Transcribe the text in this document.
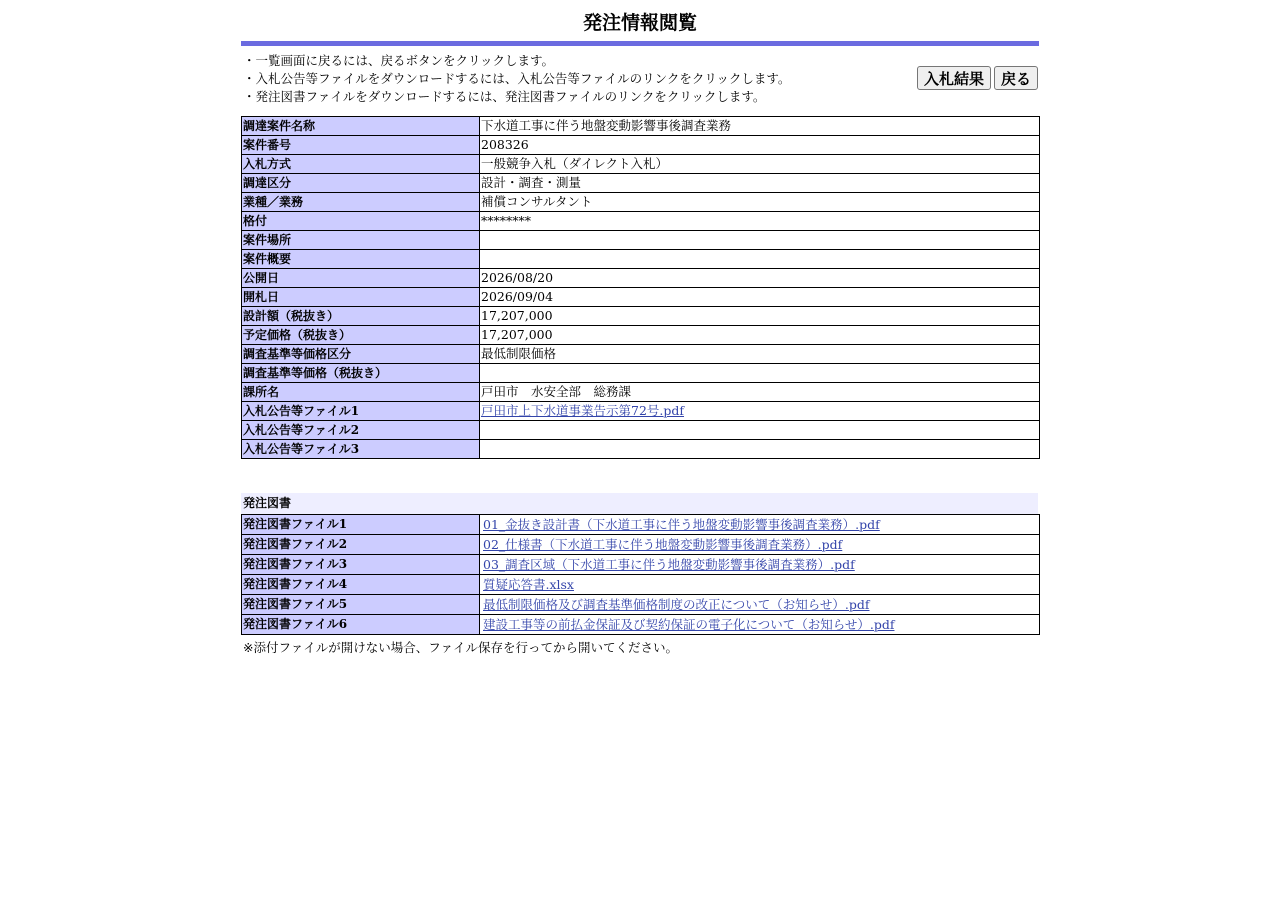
発注情報閲覧
・一覧画面に戻るには、戻るボタンをクリックします。
・入札公告等ファイルをダウンロードするには、入札公告等ファイルのリンクをクリックします。
・発注図書ファイルをダウンロードするには、発注図書ファイルのリンクをクリックします。
入札結果	戻る
調達案件名称	下水道工事に伴う地盤変動影響事後調査業務
案件番号	208326
入札方式	一般競争入札（ダイレクト入札）
調達区分	設計・調査・測量
業種／業務	補償コンサルタント
格付	********
案件場所	
案件概要	
公開日	2026/08/20
開札日	2026/09/04
設計額（税抜き）	17,207,000
予定価格（税抜き）	17,207,000
調査基準等価格区分	最低制限価格
調査基準等価格（税抜き）	
課所名	戸田市　水安全部　総務課
入札公告等ファイル1	戸田市上下水道事業告示第72号.pdf
入札公告等ファイル2	
入札公告等ファイル3	
発注図書
発注図書ファイル1	01_金抜き設計書（下水道工事に伴う地盤変動影響事後調査業務）.pdf
発注図書ファイル2	02_仕様書（下水道工事に伴う地盤変動影響事後調査業務）.pdf
発注図書ファイル3	03_調査区域（下水道工事に伴う地盤変動影響事後調査業務）.pdf
発注図書ファイル4	質疑応答書.xlsx
発注図書ファイル5	最低制限価格及び調査基準価格制度の改正について（お知らせ）.pdf
発注図書ファイル6	建設工事等の前払金保証及び契約保証の電子化について（お知らせ）.pdf
※添付ファイルが開けない場合、ファイル保存を行ってから開いてください。
